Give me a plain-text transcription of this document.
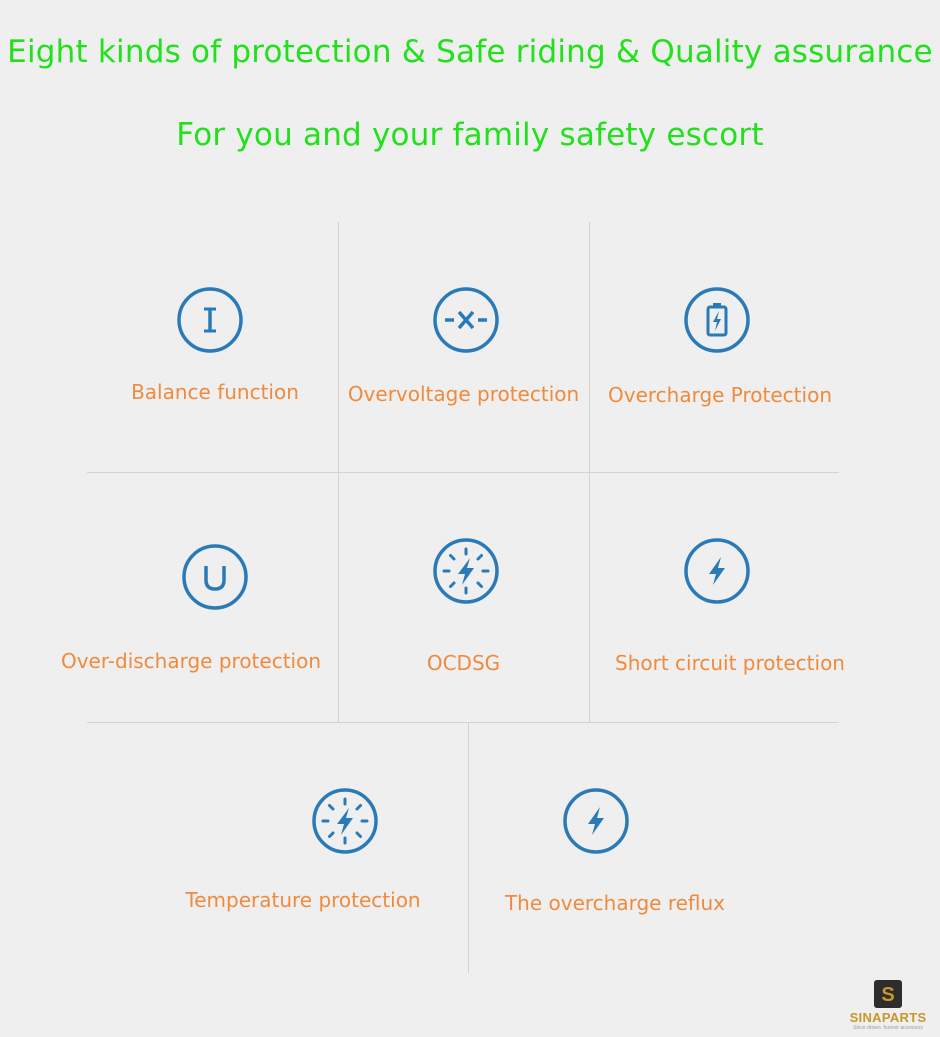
Eight kinds of protection & Safe riding & Quality assurance
For you and your family safety escort
Balance function	Overvoltage protection	Overcharge Protection
Over-discharge protection	OCDSG	Short circuit protection
Temperature protection	The overcharge reflux
S
SINAPARTS
Since driven. forever accessory
